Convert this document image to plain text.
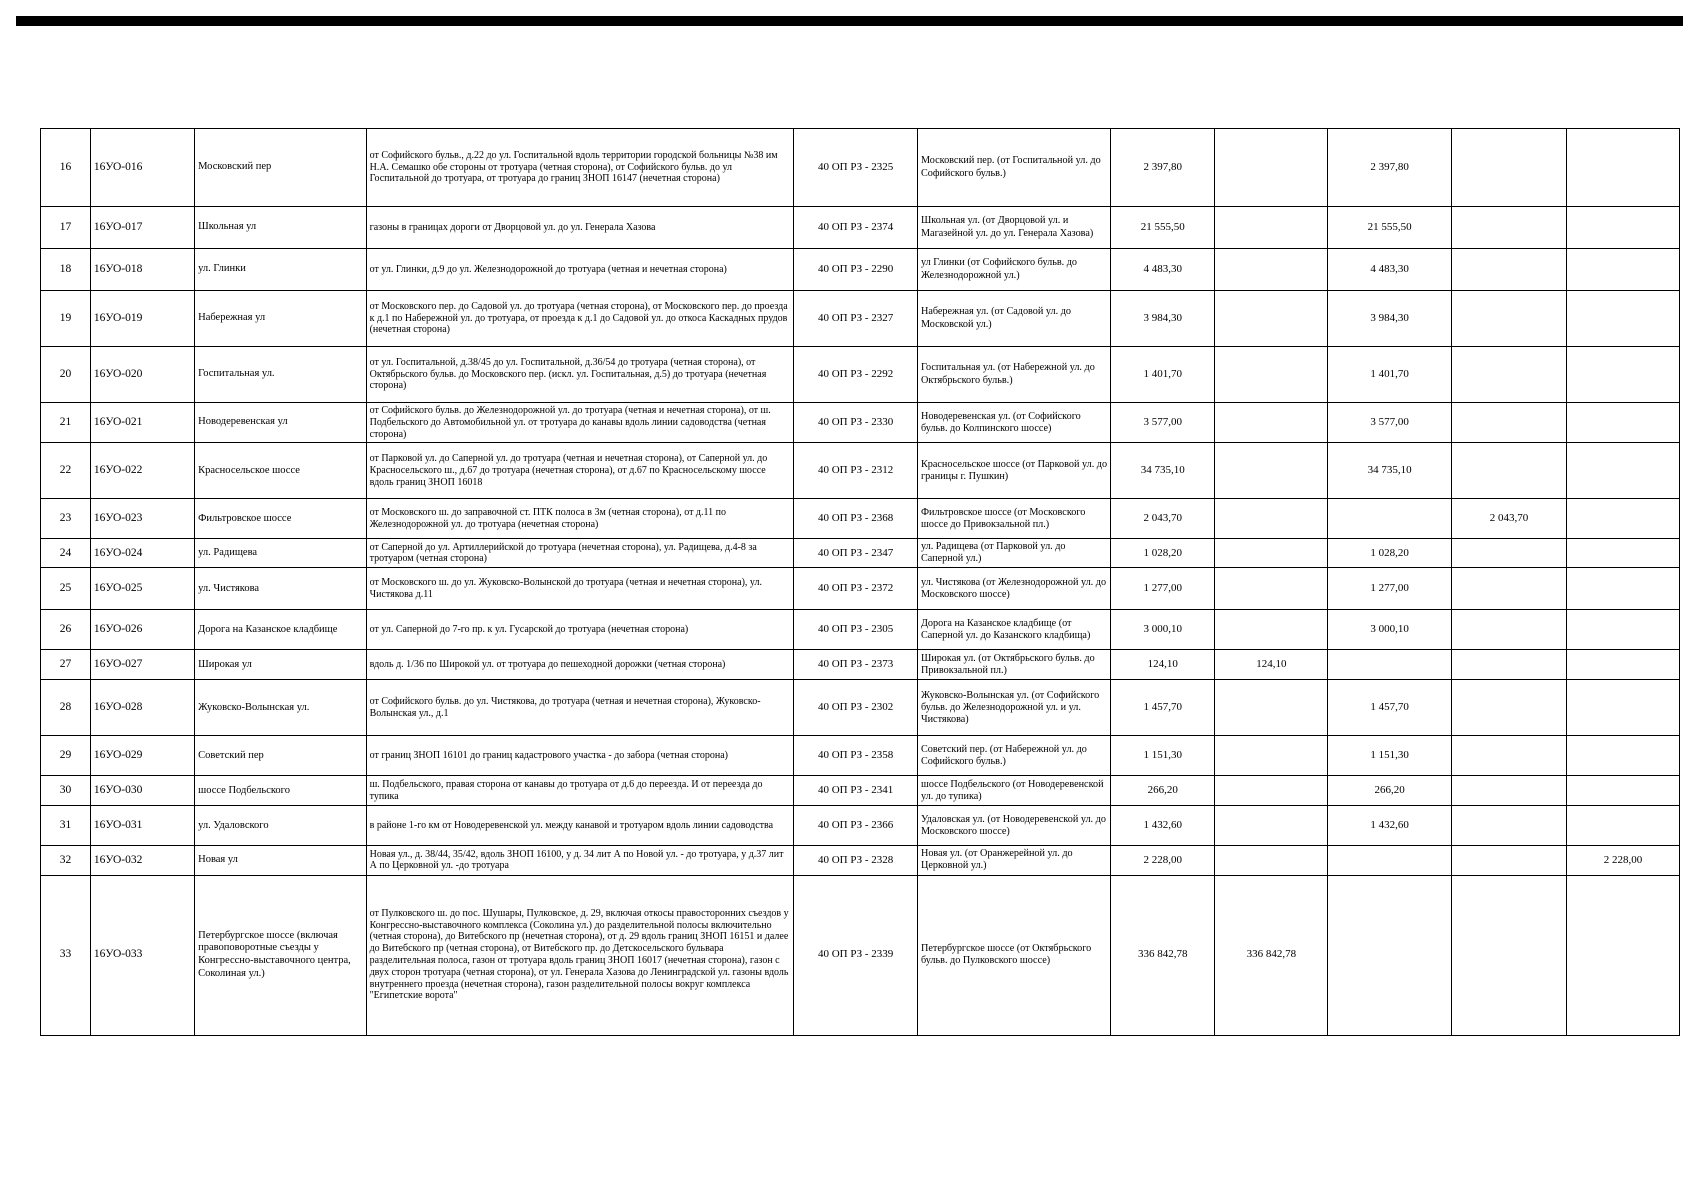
16	16УО-016	Московский пер	от Софийского бульв., д.22 до ул. Госпитальной вдоль территории городской больницы №38 им Н.А. Семашко обе стороны от тротуара (четная сторона), от Софийского бульв. до ул Госпитальной до тротуара, от тротуара до границ ЗНОП 16147 (нечетная сторона)	40 ОП РЗ - 2325	Московский пер. (от Госпитальной ул. до Софийского бульв.)	2 397,80		2 397,80		
17	16УО-017	Школьная ул	газоны в границах дороги от Дворцовой ул. до ул. Генерала Хазова	40 ОП РЗ - 2374	Школьная ул. (от Дворцовой ул. и Магазейной ул. до ул. Генерала Хазова)	21 555,50		21 555,50		
18	16УО-018	ул. Глинки	от ул. Глинки, д.9 до ул. Железнодорожной до тротуара (четная и нечетная сторона)	40 ОП РЗ - 2290	ул Глинки (от Софийского бульв. до Железнодорожной ул.)	4 483,30		4 483,30		
19	16УО-019	Набережная ул	от Московского пер. до Садовой ул. до тротуара (четная сторона), от Московского пер. до проезда к д.1 по Набережной ул. до тротуара, от проезда к д.1 до Садовой ул. до откоса Каскадных прудов (нечетная сторона)	40 ОП РЗ - 2327	Набережная ул. (от Садовой ул. до Московской ул.)	3 984,30		3 984,30		
20	16УО-020	Госпитальная ул.	от ул. Госпитальной, д.38/45 до ул. Госпитальной, д.36/54 до тротуара (четная сторона), от Октябрьского бульв. до Московского пер. (искл. ул. Госпитальная, д.5) до тротуара (нечетная сторона)	40 ОП РЗ - 2292	Госпитальная ул. (от Набережной ул. до Октябрьского бульв.)	1 401,70		1 401,70		
21	16УО-021	Новодеревенская ул	от Софийского бульв. до Железнодорожной ул. до тротуара (четная и нечетная сторона), от ш. Подбельского до Автомобильной ул. от тротуара до канавы вдоль линии садоводства (четная сторона)	40 ОП РЗ - 2330	Новодеревенская ул. (от Софийского бульв. до Колпинского шоссе)	3 577,00		3 577,00		
22	16УО-022	Красносельское шоссе	от Парковой ул. до Саперной ул. до тротуара (четная и нечетная сторона), от Саперной ул. до Красносельского ш., д.67 до тротуара (нечетная сторона), от д.67 по Красносельскому шоссе вдоль границ ЗНОП 16018	40 ОП РЗ - 2312	Красносельское шоссе (от Парковой ул. до границы г. Пушкин)	34 735,10		34 735,10		
23	16УО-023	Фильтровское шоссе	от Московского ш. до заправочной ст. ПТК полоса в 3м (четная сторона), от д.11 по Железнодорожной ул. до тротуара (нечетная сторона)	40 ОП РЗ - 2368	Фильтровское шоссе (от Московского шоссе до Привокзальной пл.)	2 043,70			2 043,70	
24	16УО-024	ул. Радищева	от Саперной до ул. Артиллерийской до тротуара (нечетная сторона), ул. Радищева, д.4-8 за тротуаром (четная сторона)	40 ОП РЗ - 2347	ул. Радищева (от Парковой ул. до Саперной ул.)	1 028,20		1 028,20		
25	16УО-025	ул. Чистякова	от Московского ш. до ул. Жуковско-Волынской до тротуара (четная и нечетная сторона), ул. Чистякова д.11	40 ОП РЗ - 2372	ул. Чистякова (от Железнодорожной ул. до Московского шоссе)	1 277,00		1 277,00		
26	16УО-026	Дорога на Казанское кладбище	от ул. Саперной до 7-го пр. к ул. Гусарской до тротуара (нечетная сторона)	40 ОП РЗ - 2305	Дорога на Казанское кладбище (от Саперной ул. до Казанского кладбища)	3 000,10		3 000,10		
27	16УО-027	Широкая ул	вдоль д. 1/36 по Широкой ул. от тротуара до пешеходной дорожки (четная сторона)	40 ОП РЗ - 2373	Широкая ул. (от Октябрьского бульв. до Привокзальной пл.)	124,10	124,10			
28	16УО-028	Жуковско-Волынская ул.	от Софийского бульв. до ул. Чистякова, до тротуара (четная и нечетная сторона), Жуковско-Волынская ул., д.1	40 ОП РЗ - 2302	Жуковско-Волынская ул. (от Софийского бульв. до Железнодорожной ул. и ул. Чистякова)	1 457,70		1 457,70		
29	16УО-029	Советский пер	от границ ЗНОП 16101 до границ кадастрового участка - до забора (четная сторона)	40 ОП РЗ - 2358	Советский пер. (от Набережной ул. до Софийского бульв.)	1 151,30		1 151,30		
30	16УО-030	шоссе Подбельского	ш. Подбельского, правая сторона от канавы до тротуара от д.6 до переезда. И от переезда до тупика	40 ОП РЗ - 2341	шоссе Подбельского (от Новодеревенской ул. до тупика)	266,20		266,20		
31	16УО-031	ул. Удаловского	в районе 1-го км от Новодеревенской ул. между канавой и тротуаром вдоль линии садоводства	40 ОП РЗ - 2366	Удаловская ул. (от Новодеревенской ул. до Московского шоссе)	1 432,60		1 432,60		
32	16УО-032	Новая ул	Новая ул., д. 38/44, 35/42, вдоль ЗНОП 16100, у д. 34 лит А по Новой ул. - до тротуара, у д.37 лит А по Церковной ул. -до тротуара	40 ОП РЗ - 2328	Новая ул. (от Оранжерейной ул. до Церковной ул.)	2 228,00				2 228,00
33	16УО-033	Петербургское шоссе (включая правоповоротные съезды у Конгрессно-выставочного центра, Соколиная ул.)	от Пулковского ш. до пос. Шушары, Пулковское, д. 29, включая откосы правосторонних съездов у Конгрессно-выставочного комплекса (Соколина ул.) до разделительной полосы включительно (четная сторона), до Витебского пр (нечетная сторона), от д. 29 вдоль границ ЗНОП 16151 и далее до Витебского пр (четная сторона), от Витебского пр. до Детскосельского бульвара разделительная полоса, газон от тротуара вдоль границ ЗНОП 16017 (нечетная сторона), газон с двух сторон тротуара (четная сторона), от ул. Генерала Хазова до Ленинградской ул. газоны вдоль внутреннего проезда (нечетная сторона), газон разделительной полосы вокруг комплекса "Египетские ворота"	40 ОП РЗ - 2339	Петербургское шоссе (от Октябрьского бульв. до Пулковского шоссе)	336 842,78	336 842,78			
